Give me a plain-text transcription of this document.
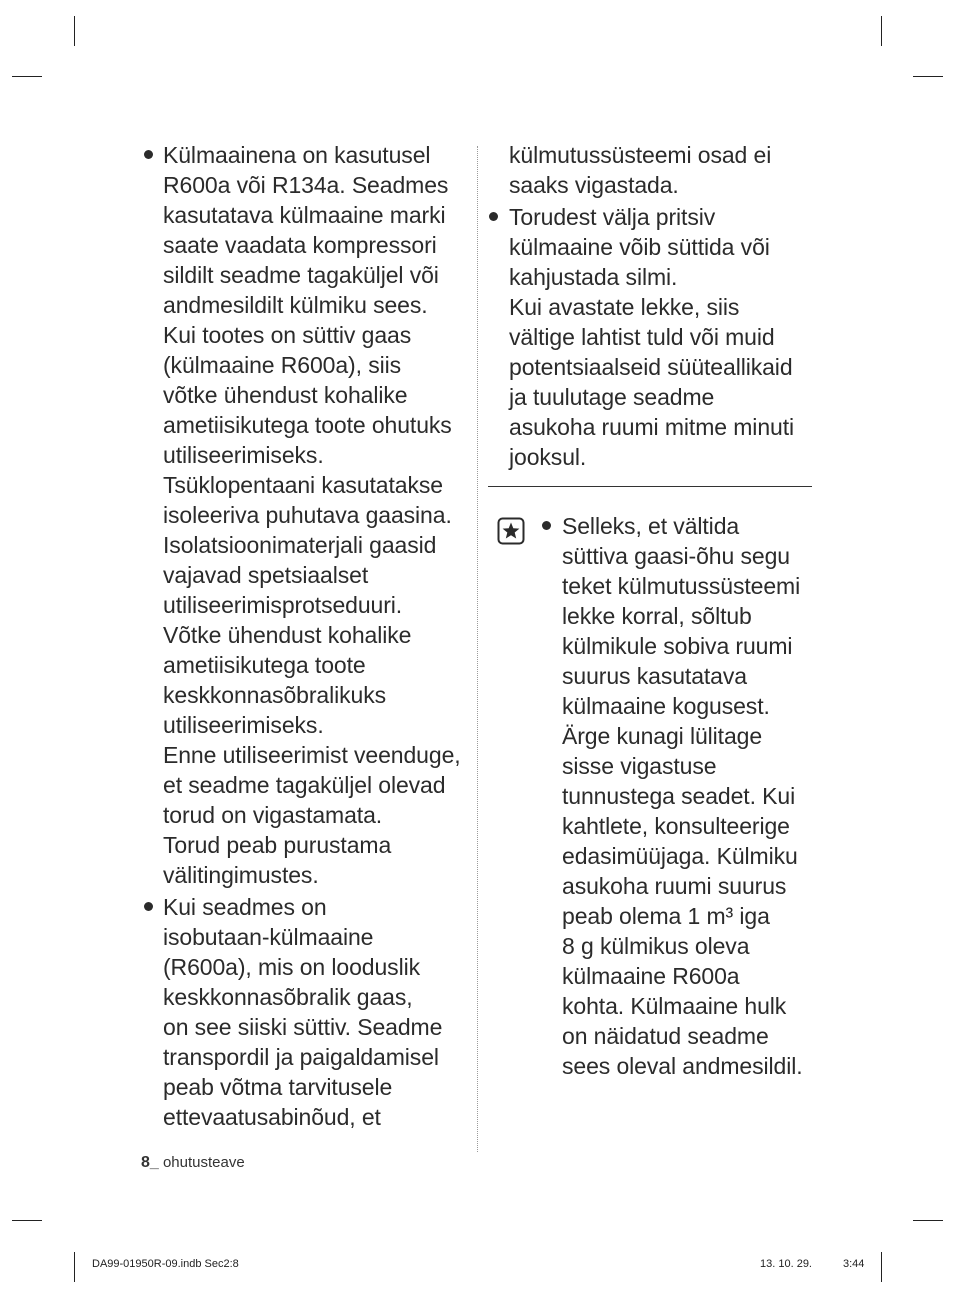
Külmaainena on kasutusel
R600a või R134a. Seadmes
kasutatava külmaaine marki
saate vaadata kompressori
sildilt seadme tagaküljel või
andmesildilt külmiku sees.
Kui tootes on süttiv gaas
(külmaaine R600a), siis
võtke ühendust kohalike
ametiisikutega toote ohutuks
utiliseerimiseks.
Tsüklopentaani kasutatakse
isoleeriva puhutava gaasina.
Isolatsioonimaterjali gaasid
vajavad spetsiaalset
utiliseerimisprotseduuri.
Võtke ühendust kohalike
ametiisikutega toote
keskkonnasõbralikuks
utiliseerimiseks.
Enne utiliseerimist veenduge,
et seadme tagaküljel olevad
torud on vigastamata.
Torud peab purustama
välitingimustes.

Kui seadmes on
isobutaan-külmaaine
(R600a), mis on looduslik
keskkonnasõbralik gaas,
on see siiski süttiv. Seadme
transpordil ja paigaldamisel
peab võtma tarvitusele
ettevaatusabinõud, et

külmutussüsteemi osad ei
saaks vigastada.

Torudest välja pritsiv
külmaaine võib süttida või
kahjustada silmi.
Kui avastate lekke, siis
vältige lahtist tuld või muid
potentsiaalseid süüteallikaid
ja tuulutage seadme
asukoha ruumi mitme minuti
jooksul.

Selleks, et vältida
süttiva gaasi-õhu segu
teket külmutussüsteemi
lekke korral, sõltub
külmikule sobiva ruumi
suurus kasutatava
külmaaine kogusest.
Ärge kunagi lülitage
sisse vigastuse
tunnustega seadet. Kui
kahtlete, konsulteerige
edasimüüjaga. Külmiku
asukoha ruumi suurus
peab olema 1 m³ iga
8 g külmikus oleva
külmaaine R600a
kohta. Külmaaine hulk
on näidatud seadme
sees oleval andmesildil.

8_ ohutusteave
DA99-01950R-09.indb Sec2:8	13. 10. 29.	3:44
